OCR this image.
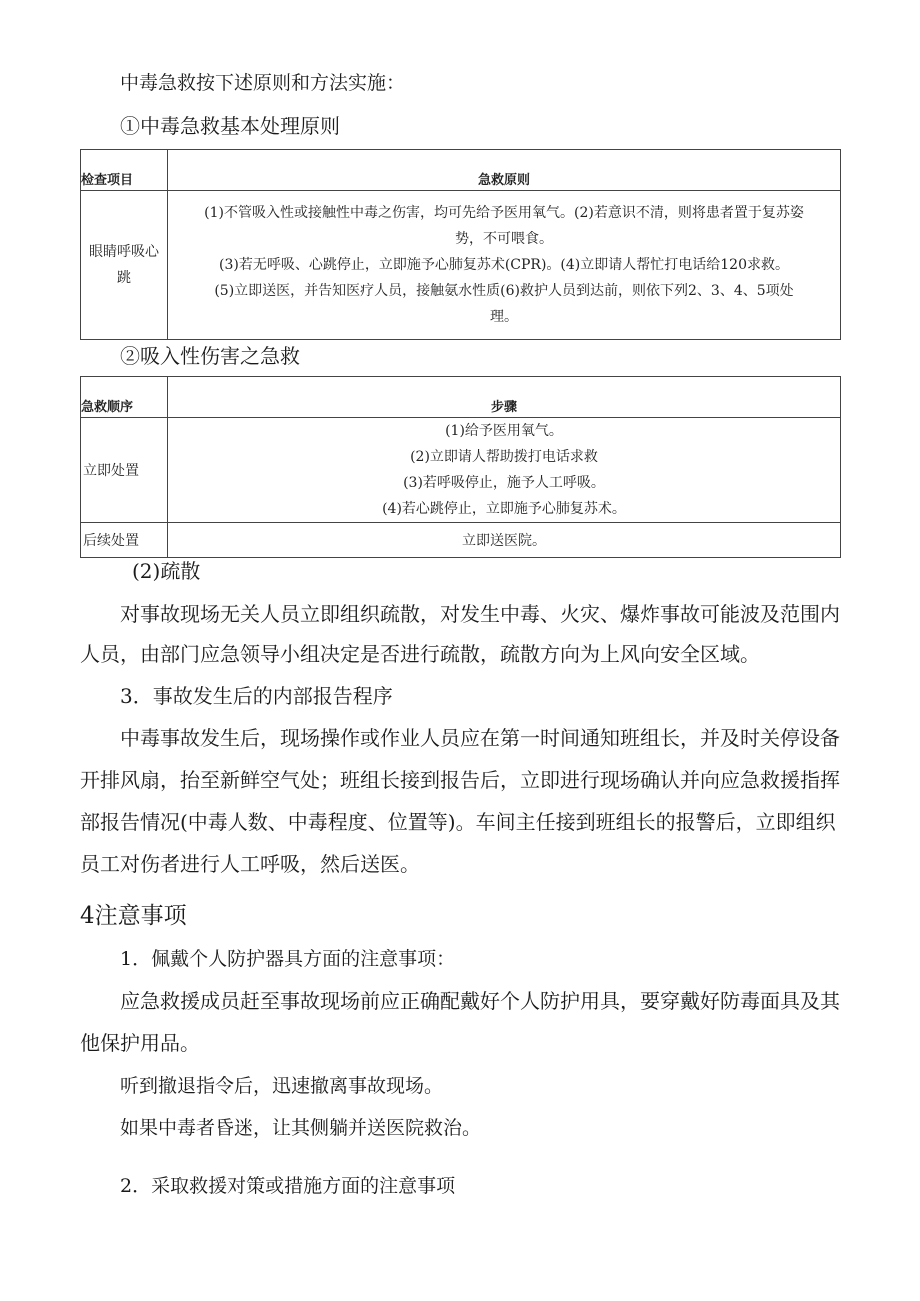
中毒急救按下述原则和方法实施：
①中毒急救基本处理原则
检查项目	急救原则
眼睛呼吸心跳	(1)不管吸入性或接触性中毒之伤害，均可先给予医用氧气。(2)若意识不清，则将患者置于复苏姿
势，不可喂食。
(3)若无呼吸、心跳停止，立即施予心肺复苏术(CPR)。(4)立即请人帮忙打电话给120求救。
(5)立即送医，并告知医疗人员，接触氨水性质(6)救护人员到达前，则依下列2、3、4、5项处
理。
②吸入性伤害之急救
急救顺序	步骤
立即处置	(1)给予医用氧气。
(2)立即请人帮助拨打电话求救
(3)若呼吸停止，施予人工呼吸。
(4)若心跳停止，立即施予心肺复苏术。

后续处置	立即送医院。
(2)疏散
对事故现场无关人员立即组织疏散，对发生中毒、火灾、爆炸事故可能波及范围内
人员，由部门应急领导小组决定是否进行疏散，疏散方向为上风向安全区域。
3．事故发生后的内部报告程序
中毒事故发生后，现场操作或作业人员应在第一时间通知班组长，并及时关停设备
开排风扇，抬至新鲜空气处；班组长接到报告后，立即进行现场确认并向应急救援指挥
部报告情况(中毒人数、中毒程度、位置等)。车间主任接到班组长的报警后，立即组织
员工对伤者进行人工呼吸，然后送医。
4注意事项
1．佩戴个人防护器具方面的注意事项：
应急救援成员赶至事故现场前应正确配戴好个人防护用具，要穿戴好防毒面具及其
他保护用品。
听到撤退指令后，迅速撤离事故现场。
如果中毒者昏迷，让其侧躺并送医院救治。
2．采取救援对策或措施方面的注意事项
